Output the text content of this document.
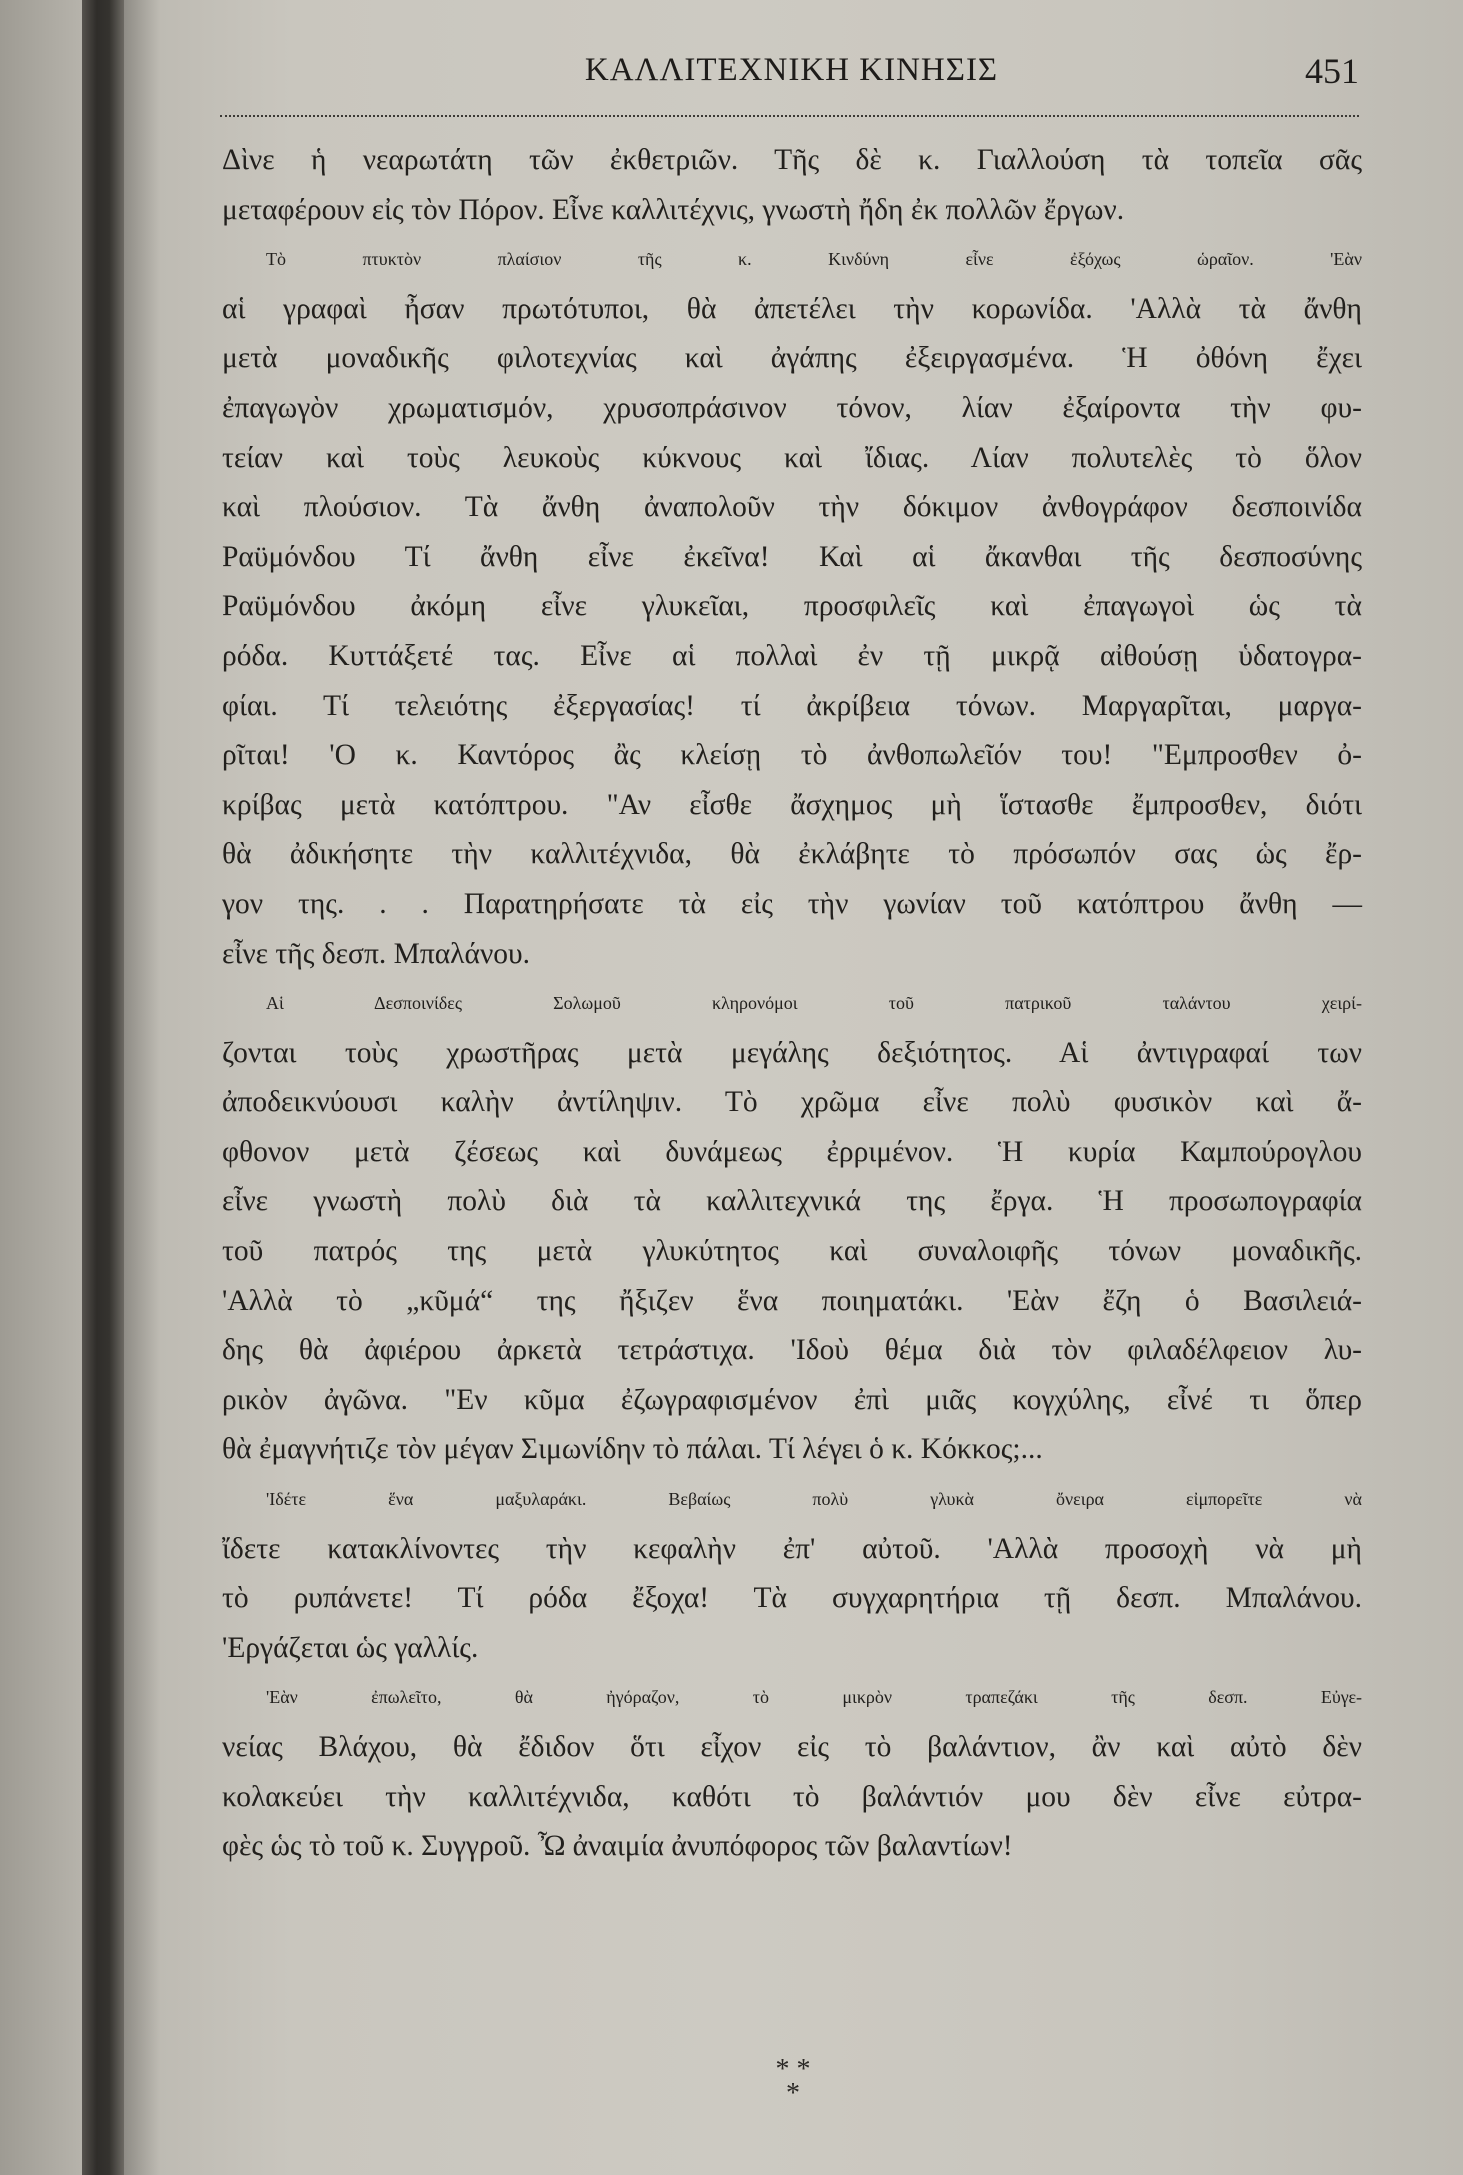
ΚΑΛΛΙΤΕΧΝΙΚΗ ΚΙΝΗΣΙΣ	451
Δὶνε ἡ νεαρωτάτη τῶν ἐκθετριῶν. Τῆς δὲ κ. Γιαλλούση τὰ τοπεῖα σᾶς
μεταφέρουν εἰς τὸν Πόρον. Εἶνε καλλιτέχνις, γνωστὴ ἤδη ἐκ πολλῶν ἔργων.
Τὸ πτυκτὸν πλαίσιον τῆς κ. Κινδύνη εἶνε ἐξόχως ὡραῖον. 'Εὰν
αἱ γραφαὶ ἦσαν πρωτότυποι, θὰ ἀπετέλει τὴν κορωνίδα. 'Αλλὰ τὰ ἄνθη
μετὰ μοναδικῆς φιλοτεχνίας καὶ ἀγάπης ἐξειργασμένα. Ἡ ὀθόνη ἔχει
ἐπαγωγὸν χρωματισμόν, χρυσοπράσινον τόνον, λίαν ἐξαίροντα τὴν φυ-
τείαν καὶ τοὺς λευκοὺς κύκνους καὶ ἴδιας. Λίαν πολυτελὲς τὸ ὅλον
καὶ πλούσιον. Τὰ ἄνθη ἀναπολοῦν τὴν δόκιμον ἀνθογράφον δεσποινίδα
Ραϋμόνδου Τί ἄνθη εἶνε ἐκεῖνα! Καὶ αἱ ἄκανθαι τῆς δεσποσύνης
Ραϋμόνδου ἀκόμη εἶνε γλυκεῖαι, προσφιλεῖς καὶ ἐπαγωγοὶ ὡς τὰ
ρόδα. Κυττάξετέ τας. Εἶνε αἱ πολλαὶ ἐν τῇ μικρᾷ αἰθούσῃ ὑδατογρα-
φίαι. Τί τελειότης ἐξεργασίας! τί ἀκρίβεια τόνων. Μαργαρῖται, μαργα-
ρῖται! 'Ο κ. Καντόρος ἂς κλείσῃ τὸ ἀνθοπωλεῖόν του! "Εμπροσθεν ὀ-
κρίβας μετὰ κατόπτρου. "Αν εἶσθε ἄσχημος μὴ ἵστασθε ἔμπροσθεν, διότι
θὰ ἀδικήσητε τὴν καλλιτέχνιδα, θὰ ἐκλάβητε τὸ πρόσωπόν σας ὡς ἔρ-
γον της. . . Παρατηρήσατε τὰ εἰς τὴν γωνίαν τοῦ κατόπτρου ἄνθη —
εἶνε τῆς δεσπ. Μπαλάνου.
Αἱ Δεσποινίδες Σολωμοῦ κληρονόμοι τοῦ πατρικοῦ ταλάντου χειρί-
ζονται τοὺς χρωστῆρας μετὰ μεγάλης δεξιότητος. Αἱ ἀντιγραφαί των
ἀποδεικνύουσι καλὴν ἀντίληψιν. Τὸ χρῶμα εἶνε πολὺ φυσικὸν καὶ ἄ-
φθονον μετὰ ζέσεως καὶ δυνάμεως ἐρριμένον. Ἡ κυρία Καμπούρογλου
εἶνε γνωστὴ πολὺ διὰ τὰ καλλιτεχνικά της ἔργα. Ἡ προσωπογραφία
τοῦ πατρός της μετὰ γλυκύτητος καὶ συναλοιφῆς τόνων μοναδικῆς.
'Αλλὰ τὸ „κῦμά“ της ἤξιζεν ἕνα ποιηματάκι. 'Εὰν ἔζη ὁ Βασιλειά-
δης θὰ ἀφιέρου ἀρκετὰ τετράστιχα. 'Ιδοὺ θέμα διὰ τὸν φιλαδέλφειον λυ-
ρικὸν ἀγῶνα. "Εν κῦμα ἐζωγραφισμένον ἐπὶ μιᾶς κογχύλης, εἶνέ τι ὅπερ
θὰ ἐμαγνήτιζε τὸν μέγαν Σιμωνίδην τὸ πάλαι. Τί λέγει ὁ κ. Κόκκος;...
'Ιδέτε ἕνα μαξυλαράκι. Βεβαίως πολὺ γλυκὰ ὄνειρα εἰμπορεῖτε νὰ
ἴδετε κατακλίνοντες τὴν κεφαλὴν ἐπ' αὐτοῦ. 'Αλλὰ προσοχὴ νὰ μὴ
τὸ ρυπάνετε! Τί ρόδα ἔξοχα! Τὰ συγχαρητήρια τῇ δεσπ. Μπαλάνου.
'Εργάζεται ὡς γαλλίς.
'Εὰν ἐπωλεῖτο, θὰ ἠγόραζον, τὸ μικρὸν τραπεζάκι τῆς δεσπ. Εὐγε-
νείας Βλάχου, θὰ ἔδιδον ὅτι εἶχον εἰς τὸ βαλάντιον, ἂν καὶ αὐτὸ δὲν
κολακεύει τὴν καλλιτέχνιδα, καθότι τὸ βαλάντιόν μου δὲν εἶνε εὐτρα-
φὲς ὡς τὸ τοῦ κ. Συγγροῦ. Ὦ ἀναιμία ἀνυπόφορος τῶν βαλαντίων!
* *
*
